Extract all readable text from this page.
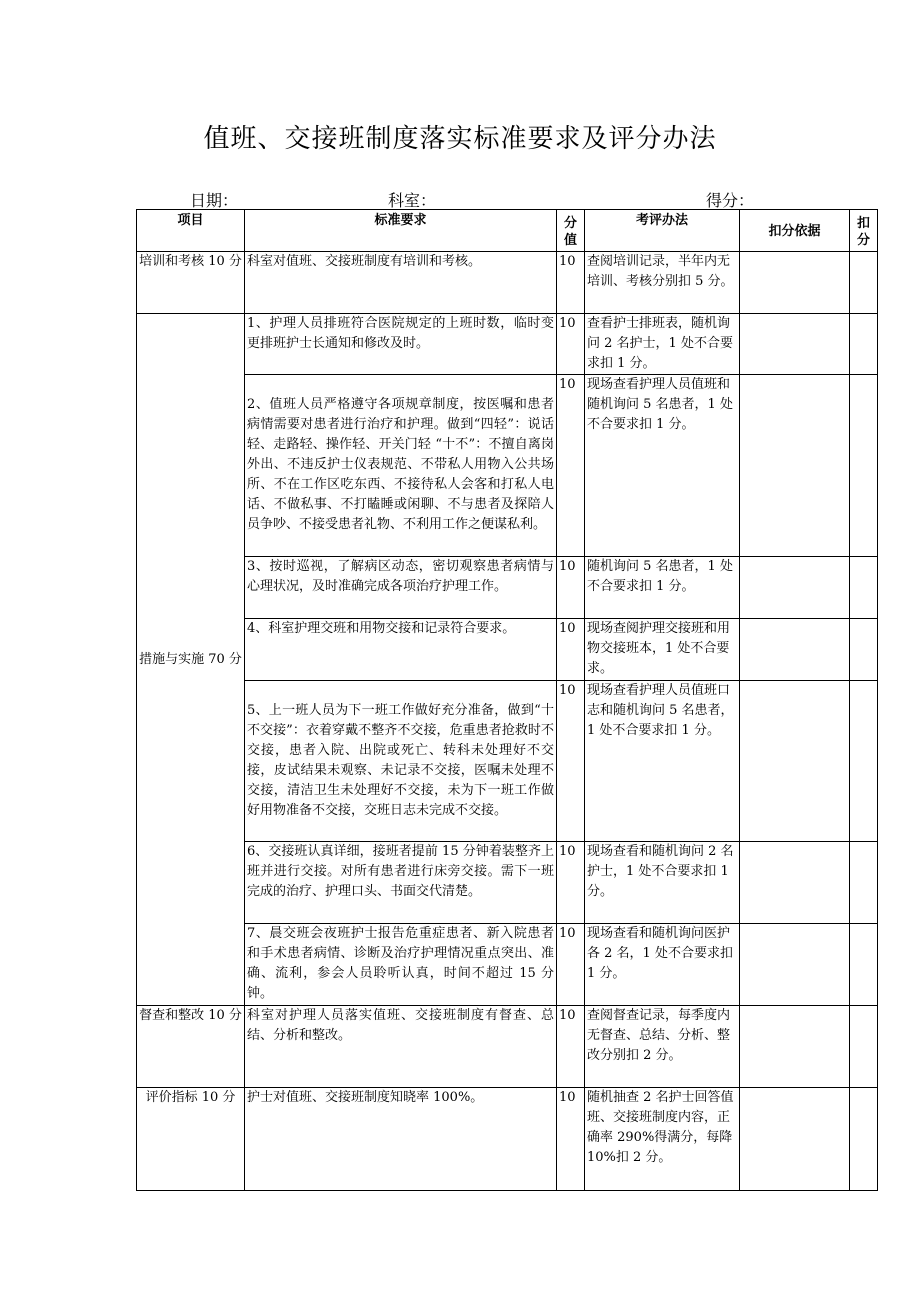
值班、交接班制度落实标准要求及评分办法
日期：	科室：	得分：
项目	标准要求	分值	考评办法	扣分依据	扣分
培训和考核 10 分	科室对值班、交接班制度有培训和考核。	10	查阅培训记录，半年内无培训、考核分别扣 5 分。		
措施与实施 70 分	1、护理人员排班符合医院规定的上班时数，临时变更排班护士长通知和修改及时。	10	查看护士排班表，随机询问 2 名护士，1 处不合要求扣 1 分。		
	2、值班人员严格遵守各项规章制度，按医嘱和患者病情需要对患者进行治疗和护理。做到“四轻”：说话轻、走路轻、操作轻、开关门轻 “十不”：不擅自离岗外出、不违反护士仪表规范、不带私人用物入公共场所、不在工作区吃东西、不接待私人会客和打私人电话、不做私事、不打瞌睡或闲聊、不与患者及探陪人员争吵、不接受患者礼物、不利用工作之便谋私利。	10	现场查看护理人员值班和随机询问 5 名患者，1 处不合要求扣 1 分。		
	3、按时巡视，了解病区动态，密切观察患者病情与心理状况，及时准确完成各项治疗护理工作。	10	随机询问 5 名患者，1 处不合要求扣 1 分。		
	4、科室护理交班和用物交接和记录符合要求。	10	现场查阅护理交接班和用物交接班本，1 处不合要求。		
	5、上一班人员为下一班工作做好充分准备，做到“十不交接”：衣着穿戴不整齐不交接，危重患者抢救时不交接，患者入院、出院或死亡、转科未处理好不交接，皮试结果未观察、未记录不交接，医嘱未处理不交接，清洁卫生未处理好不交接，未为下一班工作做好用物准备不交接，交班日志未完成不交接。	10	现场查看护理人员值班口志和随机询问 5 名患者，1 处不合要求扣 1 分。		
	6、交接班认真详细，接班者提前 15 分钟着装整齐上班并进行交接。对所有患者进行床旁交接。需下一班完成的治疗、护理口头、书面交代清楚。	10	现场查看和随机询问 2 名护士，1 处不合要求扣 1 分。		
	7、晨交班会夜班护士报告危重症患者、新入院患者和手术患者病情、诊断及治疗护理情况重点突出、准确、流利，参会人员聆听认真，时间不超过 15 分钟。	10	现场查看和随机询问医护各 2 名，1 处不合要求扣 1 分。		
督查和整改 10 分	科室对护理人员落实值班、交接班制度有督查、总结、分析和整改。	10	查阅督查记录，每季度内无督查、总结、分析、整改分别扣 2 分。		
评价指标 10 分	护士对值班、交接班制度知晓率 100%。	10	随机抽查 2 名护士回答值班、交接班制度内容，正确率 290%得满分，每降 10%扣 2 分。		
